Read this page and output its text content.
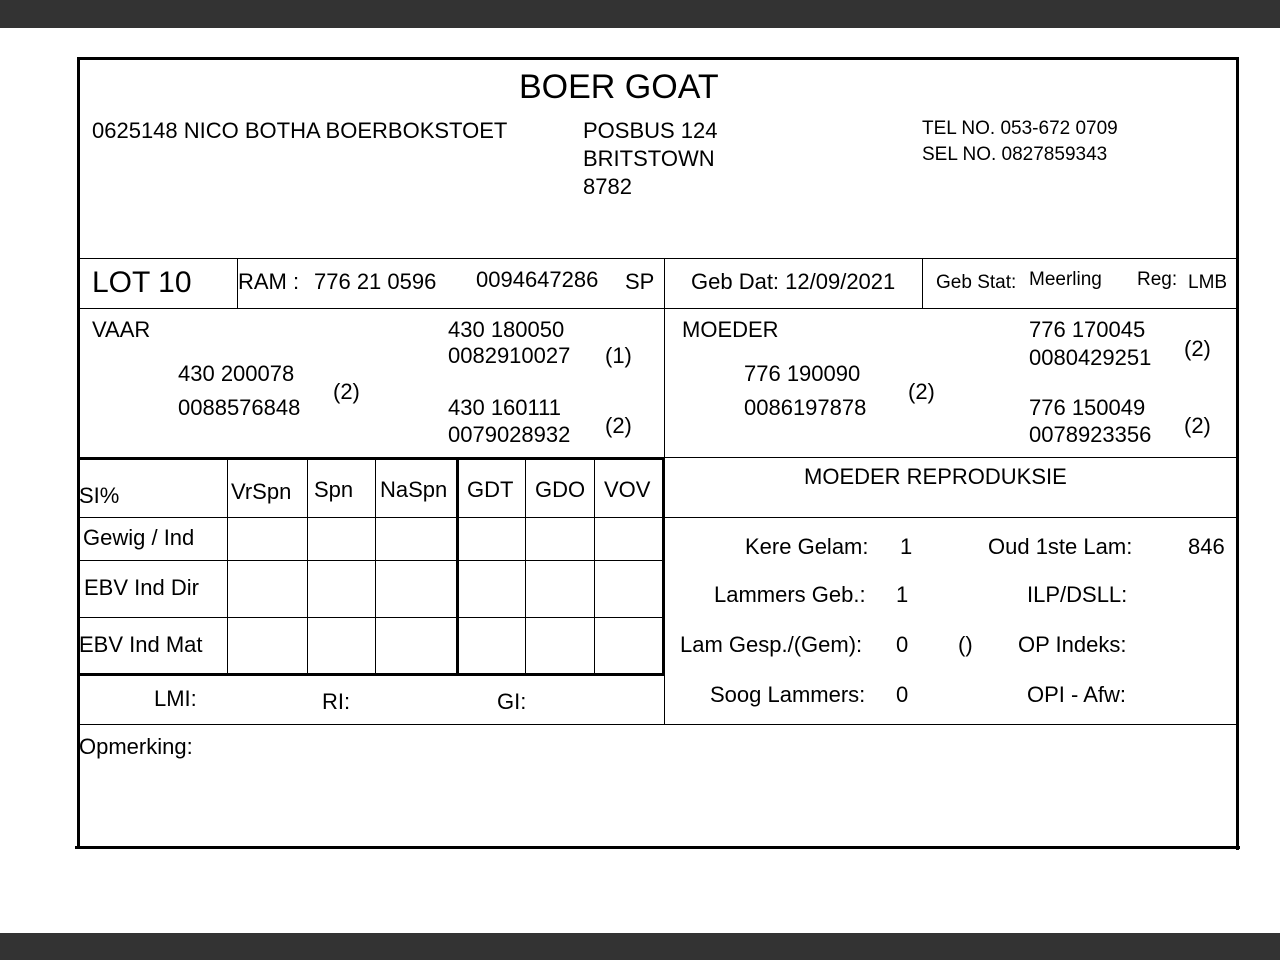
BOER GOAT
0625148 NICO BOTHA BOERBOKSTOET	POSBUS 124
BRITSTOWN
8782
TEL NO. 053-672 0709
SEL NO. 0827859343
LOT 10 RAM : 776 21 0596 0094647286 SP Geb Dat: 12/09/2021 Geb Stat: Meerling Reg: LMB
VAAR
430 200078
0088576848
(2)
430 180050
0082910027 (1)
430 160111
0079028932 (2)
MOEDER
776 190090
0086197878
(2)
776 170045
0080429251 (2)
776 150049
0078923356 (2)
SI%	VrSpn Spn NaSpn GDT GDO VOV
Gewig / Ind
EBV Ind Dir
EBV Ind Mat
LMI:	RI:	GI:
MOEDER REPRODUKSIE
Kere Gelam: 1	Oud 1ste Lam:	846
Lammers Geb.: 1	ILP/DSLL:
Lam Gesp./(Gem): 0 () OP Indeks:
Soog Lammers: 0	OPI - Afw:
Opmerking:
